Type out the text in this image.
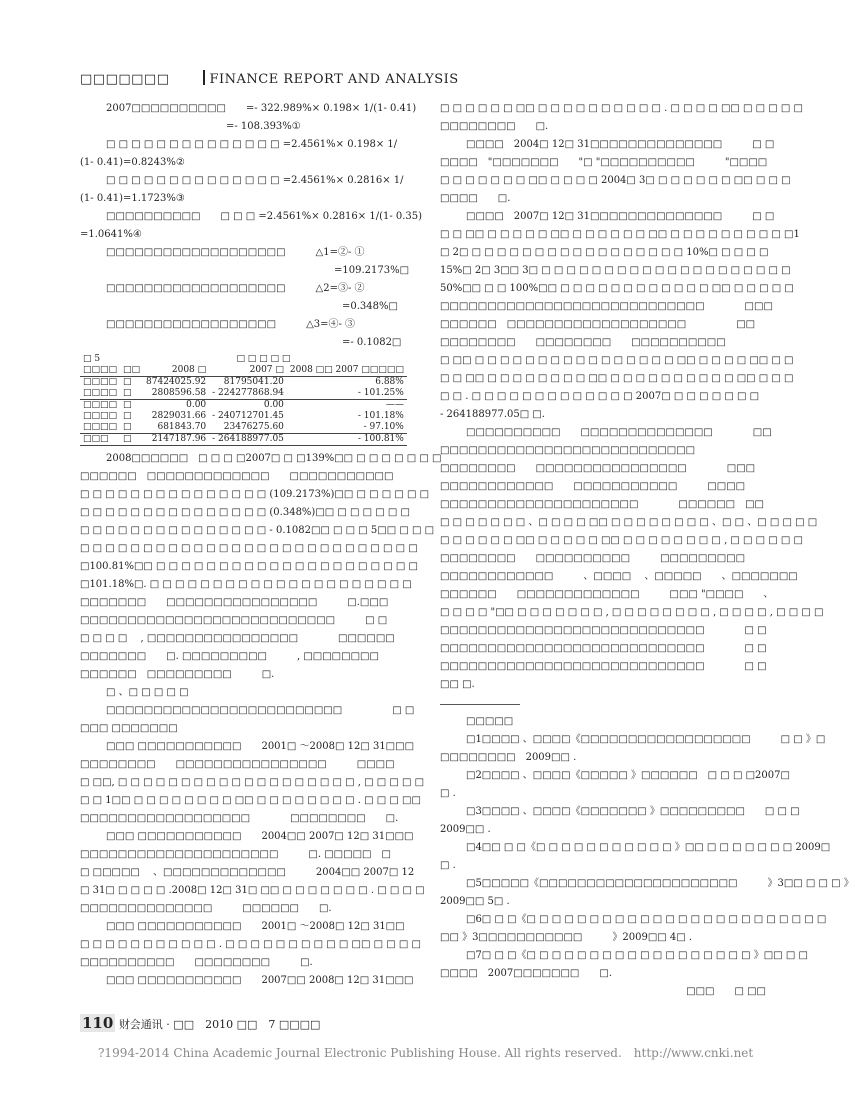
□□□□□□□	FINANCE REPORT AND ANALYSIS
2007□□□□□□□□□□　　=- 322.989%× 0.198× 1/(1- 0.41)
=- 108.393%①
□ □ □ □ □ □ □ □ □ □ □ □ □ □ =2.4561%× 0.198× 1/
(1- 0.41)=0.8243%②
□ □ □ □ □ □ □ □ □ □ □ □ □ □ =2.4561%× 0.2816× 1/
(1- 0.41)=1.1723%③
□□□□□□□□□□　　□ □ □ =2.4561%× 0.2816× 1/(1- 0.35)
=1.0641%④
□□□□□□□□□□□□□□□□□□□　　　△1=②- ①
=109.2173%□
□□□□□□□□□□□□□□□□□□□　　　△2=③- ②
=0.348%□
□□□□□□□□□□□□□□□□□□　　　△3=④- ③
=- 0.1082□
□ 5	□ □ □ □ □			
□□□□	□□	2008 □	2007 □	2008 □□ 2007 □□□□□
□□□□	□	87424025.92	81795041.20	6.88%
□□□□	□	2808596.58	- 224277868.94	- 101.25%
□□□□	□	0.00	0.00	——
□□□□	□	2829031.66	- 240712701.45	- 101.18%
□□□□	□	681843.70	23476275.60	- 97.10%
□□□	□	2147187.96	- 264188977.05	- 100.81%
2008□□□□□□　□ □ □ □2007□ □ □139%□□ □ □ □ □ □ □ □
□□□□□□　□□□□□□□□□□□□□　　□□□□□□□□□□□
□ □ □ □ □ □ □ □ □ □ □ □ □ □ □ (109.2173%)□□ □ □ □ □ □ □
□ □ □ □ □ □ □ □ □ □ □ □ □ □ □ (0.348%)□□ □ □ □ □ □ □
□ □ □ □ □ □ □ □ □ □ □ □ □ □ □ - 0.1082□□ □ □ □ 5□□ □ □ □
□ □ □ □ □ □ □ □ □ □ □ □ □ □ □ □ □ □ □ □ □ □ □ □ □ □ □
□100.81%□□ □ □ □ □ □ □ □ □ □ □ □ □ □ □ □ □ □ □ □ □ □
□101.18%□. □ □ □ □ □ □ □ □ □ □ □ □ □ □ □ □ □ □ □ □ □
□□□□□□□　　□□□□□□□□□□□□□□□□　　　□.□□□
□□□□□□□□□□□□□□□□□□□□□□□□□□□　　　□ □
□ □ □ □ 　, □□□□□□□□□□□□□□□□　　　　□□□□□□
□□□□□□□　　□. □□□□□□□□□　　　, □□□□□□□□
□□□□□□　□□□□□□□□□　　　□.
□ 、□ □ □ □ □
□□□□□□□□□□□□□□□□□□□□□□□□□　　　　　□ □
□□□ □□□□□□□
□□□ □□□□□□□□□□□　　2001□ ～2008□ 12□ 31□□□
□□□□□□□□　　□□□□□□□□□□□□□□□□　　　□□□□
□ □□, □ □ □ □ □ □ □ □ □ □ □ □ □ □ □ □ □ □ □ , □ □ □ □ □
□ □ 1□□ □ □ □ □ □ □ □ □ □□ □ □ □ □ □ □ □ □ . □ □ □ □□
□□□□□□□□□□□□□□□□□□　　　　□□□□□□□□　　□.
□□□ □□□□□□□□□□□　　2004□□ 2007□ 12□ 31□□□
□□□□□□□□□□□□□□□□□□□□□　　　□. □□□□□　□
□ □□□□□ 　、□□□□□□□□□□□□□　　　2004□□ 2007□ 12
□ 31□ □ □ □ □ .2008□ 12□ 31□ □□ □ □ □ □ □ □ □ . □ □ □ □
□□□□□□□□□□□□□□　　　□□□□□□　　□.
□□□ □□□□□□□□□□□　　2001□ ～2008□ 12□ 31□□
□ □ □ □ □ □ □ □ □ □ □ . □ □ □ □ □ □ □ □ □ □ □□ □ □ □ □
□□□□□□□□□□　　□□□□□□□□　　　□.
□□□ □□□□□□□□□□□　　2007□□ 2008□ 12□ 31□□□
□ □ □ □ □ □ □□ □ □ □ □ □ □ □ □ □ □ . □ □ □ □ □□ □ □ □ □ □
□□□□□□□□　　□.
□□□□　2004□ 12□ 31□□□□□□□□□□□□□□　　　□ □
□□□□　"□□□□□□□　　"□ "□□□□□□□□□□　　　"□□□□
□ □ □ □ □ □ □ □□ □ □ □ □ 2004□ 3□ □ □ □ □ □ □ □□ □ □ □
□□□□　　□.
□□□□　2007□ 12□ 31□□□□□□□□□□□□□□　　　□ □
□ □ □□ □ □ □ □ □ □□ □ □ □ □ □ □ □□ □ □ □ □ □ □ □ □ □ □1
□ 2□ □ □ □ □ □ □ □ □ □ □ □ □ □ □ □ □ □ 10%□ □ □ □ □
15%□ 2□ 3□□ 3□ □ □ □ □ □ □ □ □ □ □ □ □ □ □ □ □ □ □ □ □
50%□□ □ □ 100%□□ □ □ □ □ □ □ □ □ □ □ □ □ □□ □ □ □ □ □
□□□□□□□□□□□□□□□□□□□□□□□□□□□□　　　　□□□
□□□□□□　□□□□□□□□□□□□□□□□□□□　　　　　□□
□□□□□□□□　　□□□□□□□□　　□□□□□□□□□□
□ □□ □ □ □ □ □ □ □ □ □ □ □ □ □ □ □ □ □□ □ □ □ □ □□ □ □
□ □ □□ □ □ □ □ □ □ □ □ □□ □ □ □ □ □ □ □ □ □ □ □□ □ □ □
□ □ . □ □ □ □ □ □ □ □ □ □ □ □ □ 2007□ □ □ □ □ □ □ □
- 264188977.05□ □.
□□□□□□□□□□　　□□□□□□□□□□□□□□　　　　□□
□□□□□□□□□□□□□□□□□□□□□□□□□□□
□□□□□□□□　　□□□□□□□□□□□□□□□□　　　　□□□
□□□□□□□□□□□□　　□□□□□□□□□□□　　　□□□□
□□□□□□□□□□□□□□□□□□□□□　　　　□□□□□□　□□
□ □ □ □ □ □ □ 、□ □ □ □ □□ □ □ □ □ □ □ □ □ 、□ □ 、□ □ □ □ □
□ □ □ □ □ □ □□ □ □ □ □ □ □□ □ □ □ □ □ □ □ □ , □ □ □ □ □ □
□□□□□□□□　　□□□□□□□□□□　　　□□□□□□□□□
□□□□□□□□□□□□　　　、□□□□ 　、□□□□□　　、□□□□□□□
□□□□□□　　□□□□□□□□□□□□□　　　□□□ "□□□□　　、
□ □ □ □ "□□ □ □ □ □ □ □ □ , □ □ □ □ □ □ □ □ , □ □ □ □ , □ □ □ □
□□□□□□□□□□□□□□□□□□□□□□□□□□□□　　　　□ □
□□□□□□□□□□□□□□□□□□□□□□□□□□□□　　　　□ □
□□□□□□□□□□□□□□□□□□□□□□□□□□□□　　　　□ □
□□ □.
□□□□□
□1□□□□ 、□□□□《□□□□□□□□□□□□□□□□□□　　　□ □ 》□
□□□□□□□□　2009□□ .
□2□□□□ 、□□□□《□□□□□ 》□□□□□□　□ □ □ □2007□
□ .
□3□□□□ 、□□□□《□□□□□□□ 》□□□□□□□□□　　□ □ □
2009□□ .
□4□□ □ □《□ □ □ □ □ □ □ □ □ □ □ 》□□ □ □ □ □ □ □ □ 2009□
□ .
□5□□□□□《□□□□□□□□□□□□□□□□□□□□□　　　》3□□ □ □ □ 》
2009□□ 5□ .
□6□ □ □《□ □ □ □ □ □ □ □ □ □ □ □ □ □ □ □ □ □ □ □ □ □ □ □
□□ 》3□□□□□□□□□□□　　　》2009□□ 4□ .
□7□ □ □《□ □ □ □ □ □ □ □ □ □ □ □ □ □ □ □ □ □ 》□□ □ □
□□□□　2007□□□□□□□　　□.
□□□　　□ □□
110 财会通讯 · □□　2010 □□　7 □□□□
?1994-2014 China Academic Journal Electronic Publishing House. All rights reserved.　http://www.cnki.net
